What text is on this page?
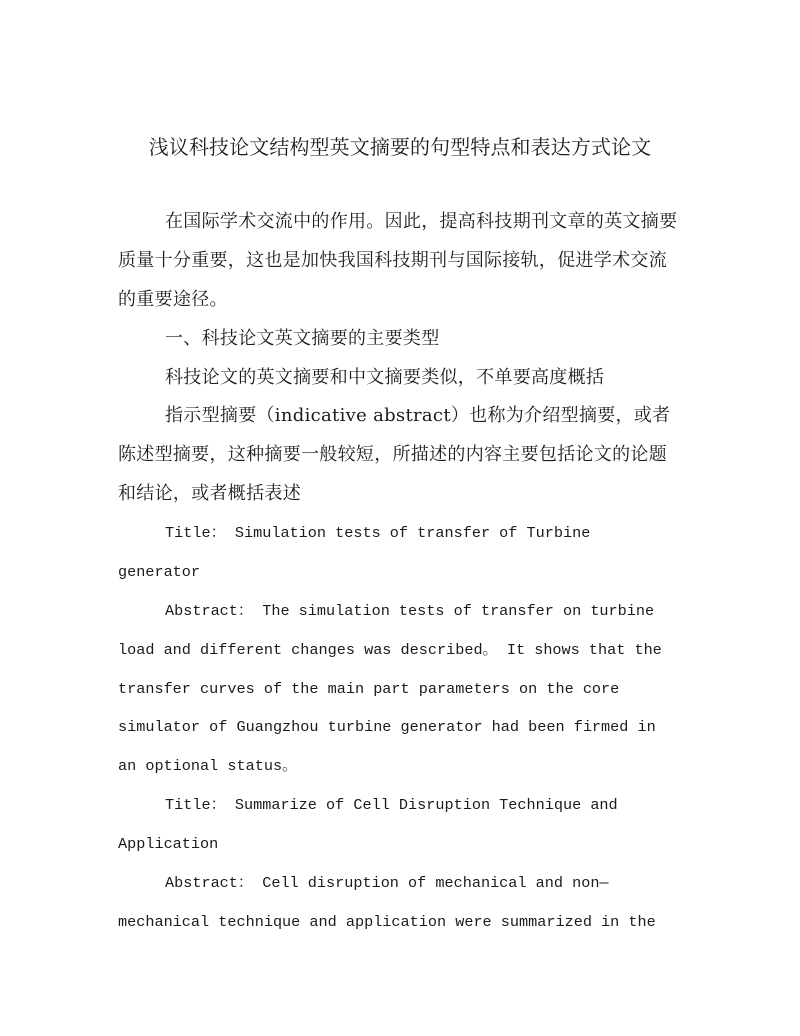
浅议科技论文结构型英文摘要的句型特点和表达方式论文
在国际学术交流中的作用。因此，提高科技期刊文章的英文摘要
质量十分重要，这也是加快我国科技期刊与国际接轨，促进学术交流
的重要途径。
一、科技论文英文摘要的主要类型
科技论文的英文摘要和中文摘要类似，不单要高度概括
指示型摘要（indicative abstract）也称为介绍型摘要，或者
陈述型摘要，这种摘要一般较短，所描述的内容主要包括论文的论题
和结论，或者概括表述
Title： Simulation tests of transfer of Turbine
generator
Abstract： The simulation tests of transfer on turbine
load and different changes was described。 It shows that the
transfer curves of the main part parameters on the core
simulator of Guangzhou turbine generator had been firmed in
an optional status。
Title： Summarize of Cell Disruption Technique and
Application
Abstract： Cell disruption of mechanical and non—
mechanical technique and application were summarized in the
